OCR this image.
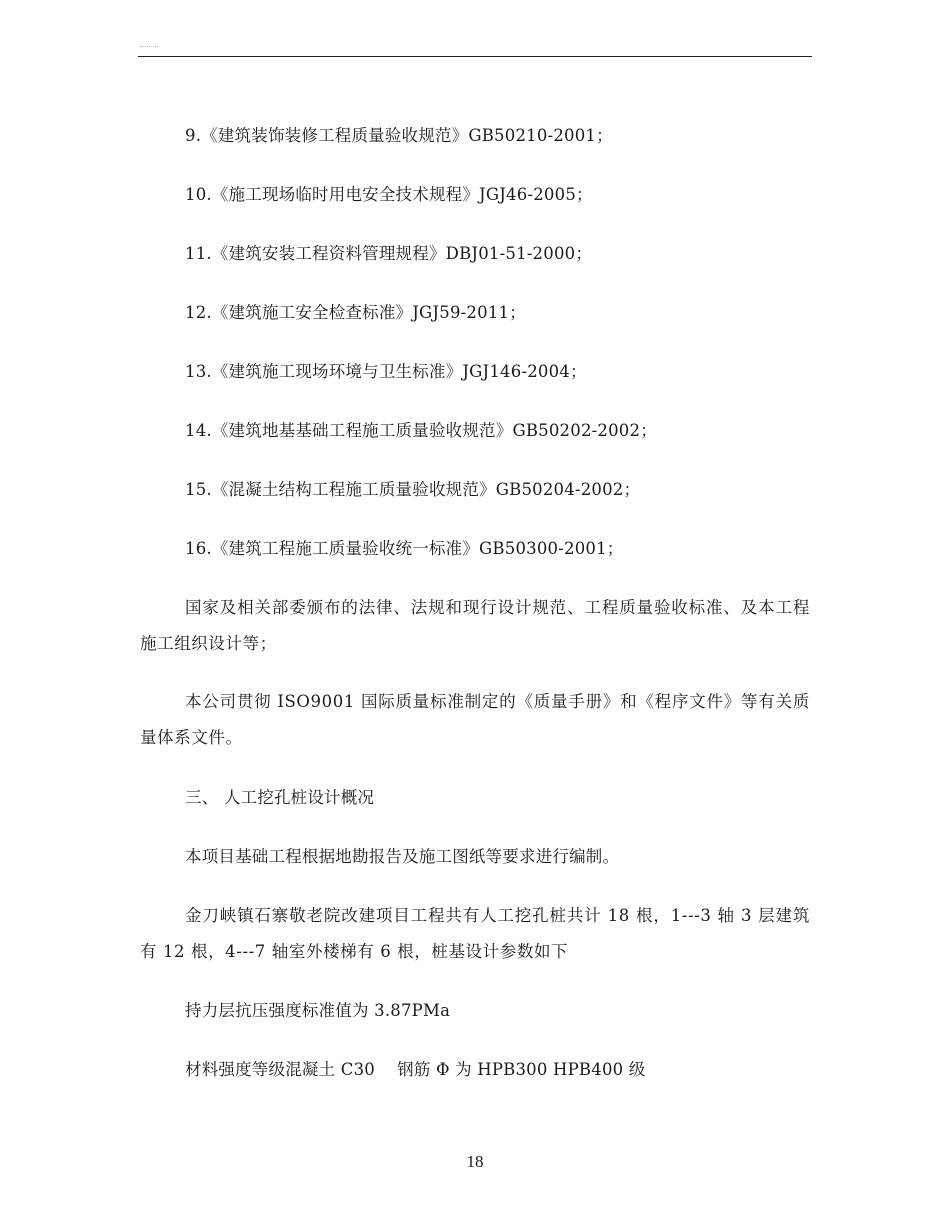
9.《建筑装饰装修工程质量验收规范》GB50210-2001；
10.《施工现场临时用电安全技术规程》JGJ46-2005；
11.《建筑安装工程资料管理规程》DBJ01-51-2000；
12.《建筑施工安全检查标准》JGJ59-2011；
13.《建筑施工现场环境与卫生标准》JGJ146-2004；
14.《建筑地基基础工程施工质量验收规范》GB50202-2002；
15.《混凝土结构工程施工质量验收规范》GB50204-2002；
16.《建筑工程施工质量验收统一标准》GB50300-2001；
国家及相关部委颁布的法律、法规和现行设计规范、工程质量验收标准、及本工程施工组织设计等；
本公司贯彻 ISO9001 国际质量标准制定的《质量手册》和《程序文件》等有关质量体系文件。
三、 人工挖孔桩设计概况
本项目基础工程根据地勘报告及施工图纸等要求进行编制。
金刀峡镇石寨敬老院改建项目工程共有人工挖孔桩共计 18 根，1---3 轴 3 层建筑有 12 根，4---7 轴室外楼梯有 6 根，桩基设计参数如下
持力层抗压强度标准值为 3.87PMa
材料强度等级混凝土 C30　 钢筋 Φ 为 HPB300 HPB400 级
18
